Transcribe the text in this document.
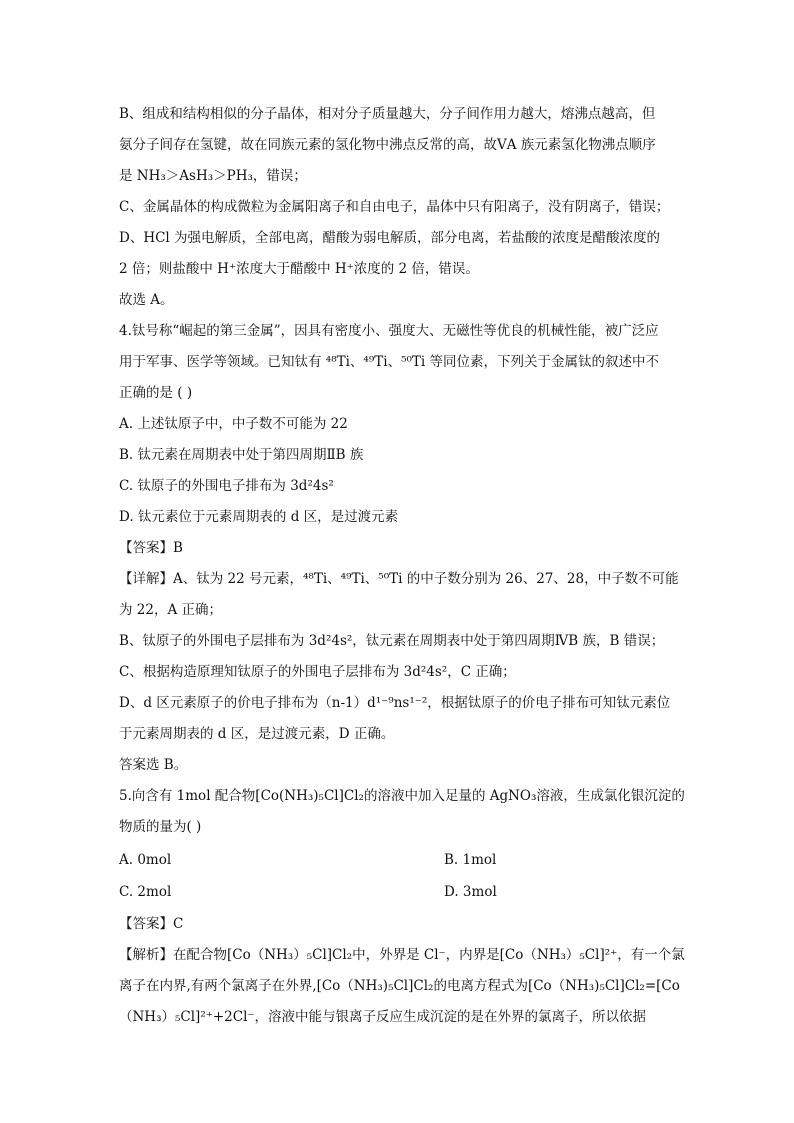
B、组成和结构相似的分子晶体，相对分子质量越大，分子间作用力越大，熔沸点越高，但
氨分子间存在氢键，故在同族元素的氢化物中沸点反常的高，故ⅤA 族元素氢化物沸点顺序
是 NH₃＞AsH₃＞PH₃，错误；
C、金属晶体的构成微粒为金属阳离子和自由电子，晶体中只有阳离子，没有阴离子，错误；
D、HCl 为强电解质，全部电离，醋酸为弱电解质，部分电离，若盐酸的浓度是醋酸浓度的
2 倍；则盐酸中 H⁺浓度大于醋酸中 H⁺浓度的 2 倍，错误。
故选 A。
4.钛号称“崛起的第三金属”，因具有密度小、强度大、无磁性等优良的机械性能，被广泛应
用于军事、医学等领域。已知钛有 ⁴⁸Ti、⁴⁹Ti、⁵⁰Ti 等同位素，下列关于金属钛的叙述中不
正确的是 ( )
A. 上述钛原子中，中子数不可能为 22
B. 钛元素在周期表中处于第四周期ⅡB 族
C. 钛原子的外围电子排布为 3d²4s²
D. 钛元素位于元素周期表的 d 区，是过渡元素
【答案】B
【详解】A、钛为 22 号元素，⁴⁸Ti、⁴⁹Ti、⁵⁰Ti 的中子数分别为 26、27、28，中子数不可能
为 22，A 正确；
B、钛原子的外围电子层排布为 3d²4s²，钛元素在周期表中处于第四周期ⅣB 族，B 错误；
C、根据构造原理知钛原子的外围电子层排布为 3d²4s²，C 正确；
D、d 区元素原子的价电子排布为（n-1）d¹⁻⁹ns¹⁻²，根据钛原子的价电子排布可知钛元素位
于元素周期表的 d 区，是过渡元素，D 正确。
答案选 B。
5.向含有 1mol 配合物[Co(NH₃)₅Cl]Cl₂的溶液中加入足量的 AgNO₃溶液，生成氯化银沉淀的
物质的量为( )
A. 0mol	B. 1mol
C. 2mol	D. 3mol
【答案】C
【解析】在配合物[Co（NH₃）₅Cl]Cl₂中，外界是 Cl⁻，内界是[Co（NH₃）₅Cl]²⁺，有一个氯
离子在内界,有两个氯离子在外界,[Co（NH₃)₅Cl]Cl₂的电离方程式为[Co（NH₃)₅Cl]Cl₂=[Co
（NH₃）₅Cl]²⁺+2Cl⁻，溶液中能与银离子反应生成沉淀的是在外界的氯离子，所以依据
